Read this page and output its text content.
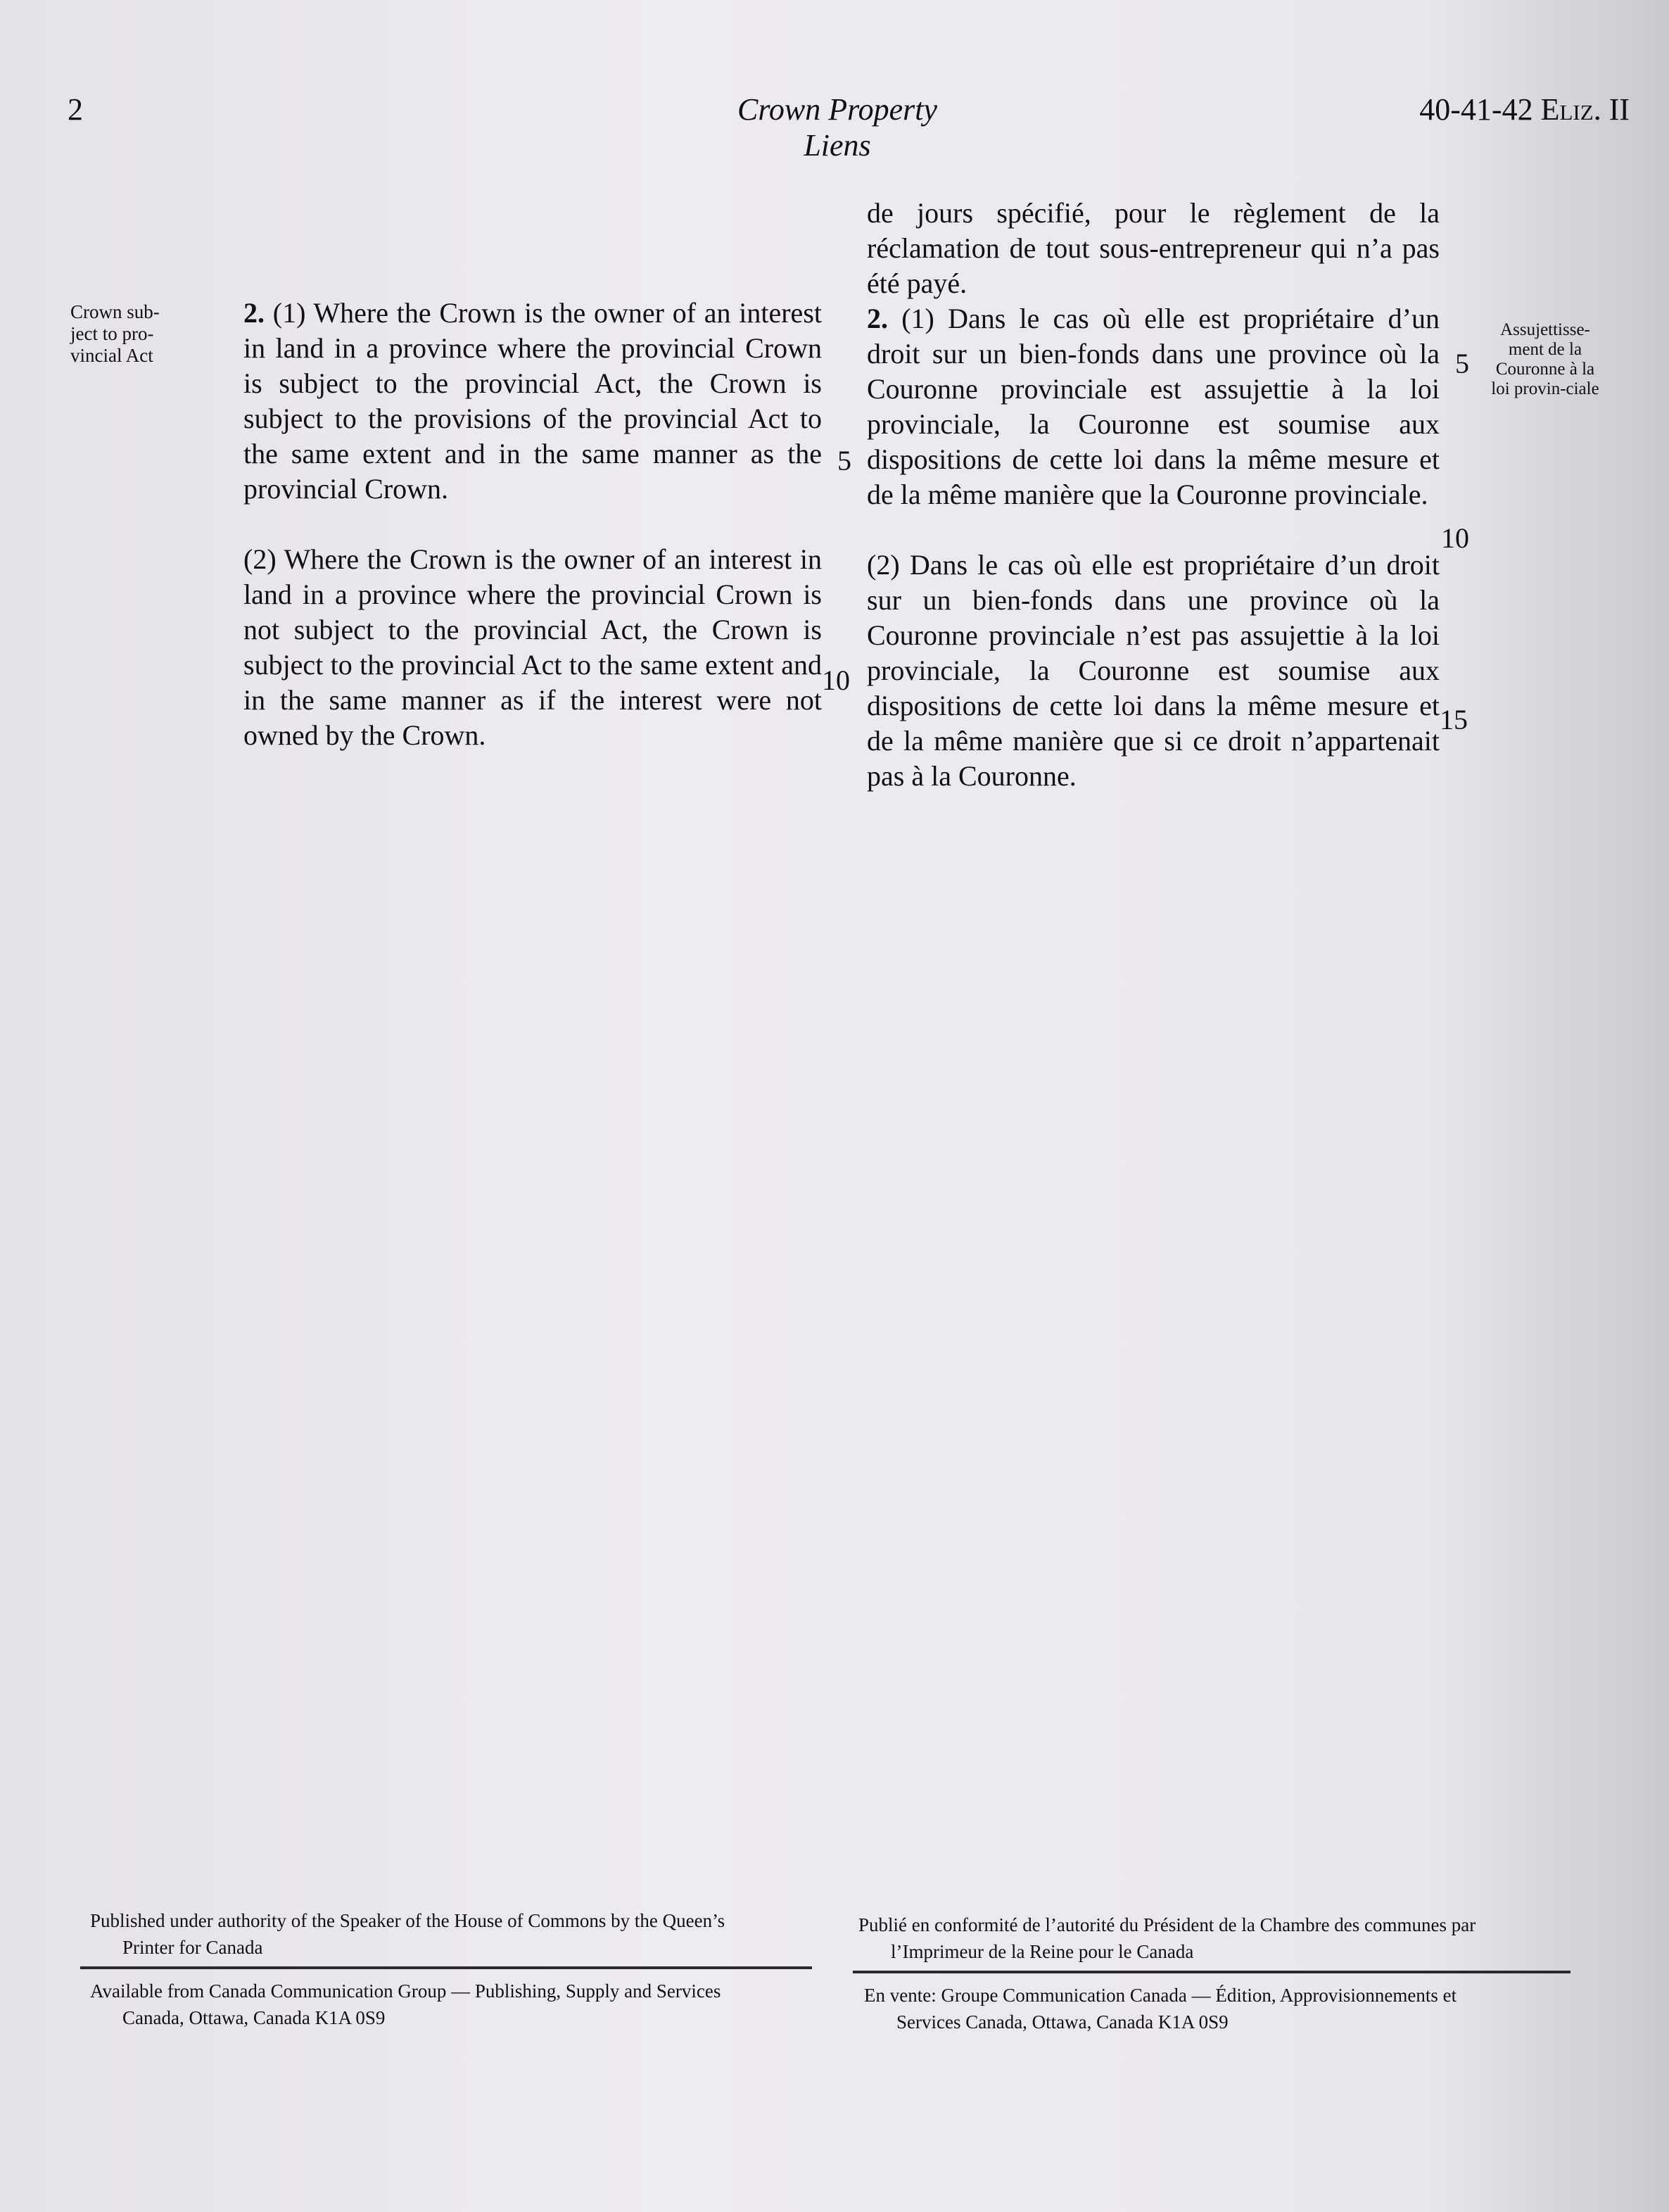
2	Crown Property Liens
40-41-42 Eliz. II
Crown sub-ject to pro-vincial Act

2. (1) Where the Crown is the owner of an interest in land in a province where the provincial Crown is subject to the provincial Act, the Crown is subject to the provisions of the provincial Act to the same extent and in the same manner as the provincial Crown.

(2) Where the Crown is the owner of an interest in land in a province where the provincial Crown is not subject to the provincial Act, the Crown is subject to the provincial Act to the same extent and in the same manner as if the interest were not owned by the Crown.

5
10

de jours spécifié, pour le règlement de la réclamation de tout sous-entrepreneur qui n’a pas été payé.

2. (1) Dans le cas où elle est propriétaire d’un droit sur un bien-fonds dans une province où la Couronne provinciale est assujettie à la loi provinciale, la Couronne est soumise aux dispositions de cette loi dans la même mesure et de la même manière que la Couronne provinciale.

(2) Dans le cas où elle est propriétaire d’un droit sur un bien-fonds dans une province où la Couronne provinciale n’est pas assujettie à la loi provinciale, la Couronne est soumise aux dispositions de cette loi dans la même mesure et de la même manière que si ce droit n’appartenait pas à la Couronne.

5
10
15
Assujettisse-ment de la Couronne à la loi provin-ciale
Published under authority of the Speaker of the House of Commons by the Queen’s
Printer for Canada
Available from Canada Communication Group — Publishing, Supply and Services
Canada, Ottawa, Canada K1A 0S9
Publié en conformité de l’autorité du Président de la Chambre des communes par
l’Imprimeur de la Reine pour le Canada
En vente: Groupe Communication Canada — Édition, Approvisionnements et
Services Canada, Ottawa, Canada K1A 0S9
